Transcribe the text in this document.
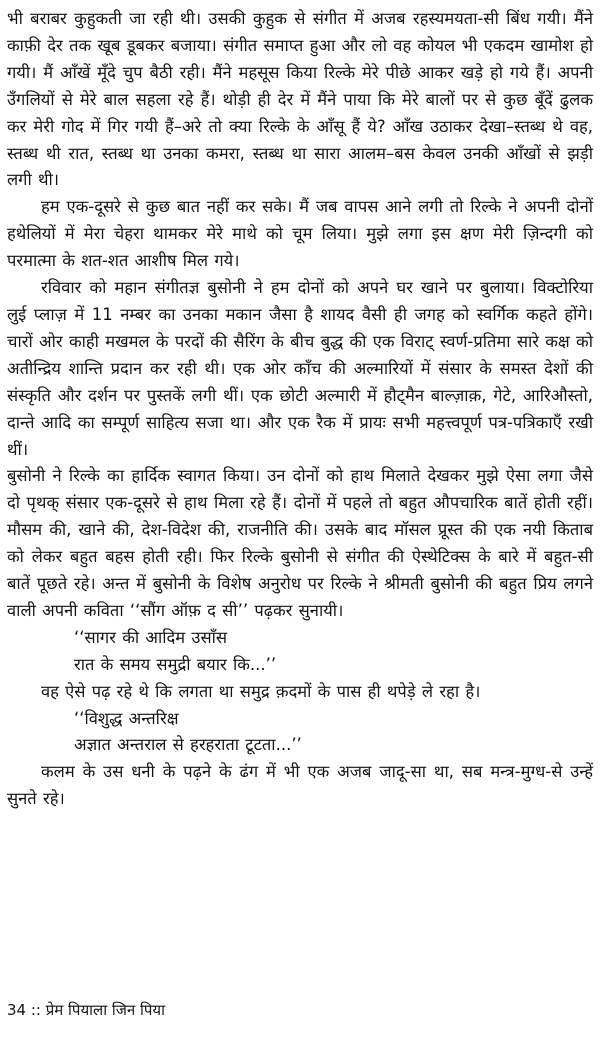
भी बराबर कुहुकती जा रही थी। उसकी कुहुक से संगीत में अजब रहस्यमयता-सी बिंध गयी। मैंने काफ़ी देर तक खूब डूबकर बजाया। संगीत समाप्त हुआ और लो वह कोयल भी एकदम खामोश हो गयी। मैं आँखें मूँदे चुप बैठी रही। मैंने महसूस किया रिल्के मेरे पीछे आकर खड़े हो गये हैं। अपनी उँगलियों से मेरे बाल सहला रहे हैं। थोड़ी ही देर में मैंने पाया कि मेरे बालों पर से कुछ बूँदें ढुलक कर मेरी गोद में गिर गयी हैं–अरे तो क्या रिल्के के आँसू हैं ये? आँख उठाकर देखा–स्तब्ध थे वह, स्तब्ध थी रात, स्तब्ध था उनका कमरा, स्तब्ध था सारा आलम–बस केवल उनकी आँखों से झड़ी लगी थी।

हम एक-दूसरे से कुछ बात नहीं कर सके। मैं जब वापस आने लगी तो रिल्के ने अपनी दोनों हथेलियों में मेरा चेहरा थामकर मेरे माथे को चूम लिया। मुझे लगा इस क्षण मेरी ज़िन्दगी को परमात्मा के शत-शत आशीष मिल गये।

रविवार को महान संगीतज्ञ बुसोनी ने हम दोनों को अपने घर खाने पर बुलाया। विक्टोरिया लुई प्लाज़ में 11 नम्बर का उनका मकान जैसा है शायद वैसी ही जगह को स्वर्गिक कहते होंगे। चारों ओर काही मखमल के परदों की सैरिंग के बीच बुद्ध की एक विराट् स्वर्ण-प्रतिमा सारे कक्ष को अतीन्द्रिय शान्ति प्रदान कर रही थी। एक ओर काँच की अल्मारियों में संसार के समस्त देशों की संस्कृति और दर्शन पर पुस्तकें लगी थीं। एक छोटी अल्मारी में हौट्मैन बाल्ज़ाक़, गेटे, आरिऔस्तो, दान्ते आदि का सम्पूर्ण साहित्य सजा था। और एक रैक में प्रायः सभी महत्त्वपूर्ण पत्र-पत्रिकाएँ रखी थीं।

बुसोनी ने रिल्के का हार्दिक स्वागत किया। उन दोनों को हाथ मिलाते देखकर मुझे ऐसा लगा जैसे दो पृथक् संसार एक-दूसरे से हाथ मिला रहे हैं। दोनों में पहले तो बहुत औपचारिक बातें होती रहीं। मौसम की, खाने की, देश-विदेश की, राजनीति की। उसके बाद मॉसल प्रूस्त की एक नयी किताब को लेकर बहुत बहस होती रही। फिर रिल्के बुसोनी से संगीत की ऐस्थेटिक्स के बारे में बहुत-सी बातें पूछते रहे। अन्त में बुसोनी के विशेष अनुरोध पर रिल्के ने श्रीमती बुसोनी की बहुत प्रिय लगने वाली अपनी कविता ‘‘सौंग ऑफ़ द सी’’ पढ़कर सुनायी।

‘‘सागर की आदिम उसाँस
रात के समय समुद्री बयार कि...’’

वह ऐसे पढ़ रहे थे कि लगता था समुद्र क़दमों के पास ही थपेड़े ले रहा है।

‘‘विशुद्ध अन्तरिक्ष
अज्ञात अन्तराल से हरहराता टूटता...’’

कलम के उस धनी के पढ़ने के ढंग में भी एक अजब जादू-सा था, सब मन्त्र-मुग्ध-से उन्हें सुनते रहे।

34 :: प्रेम पियाला जिन पिया
